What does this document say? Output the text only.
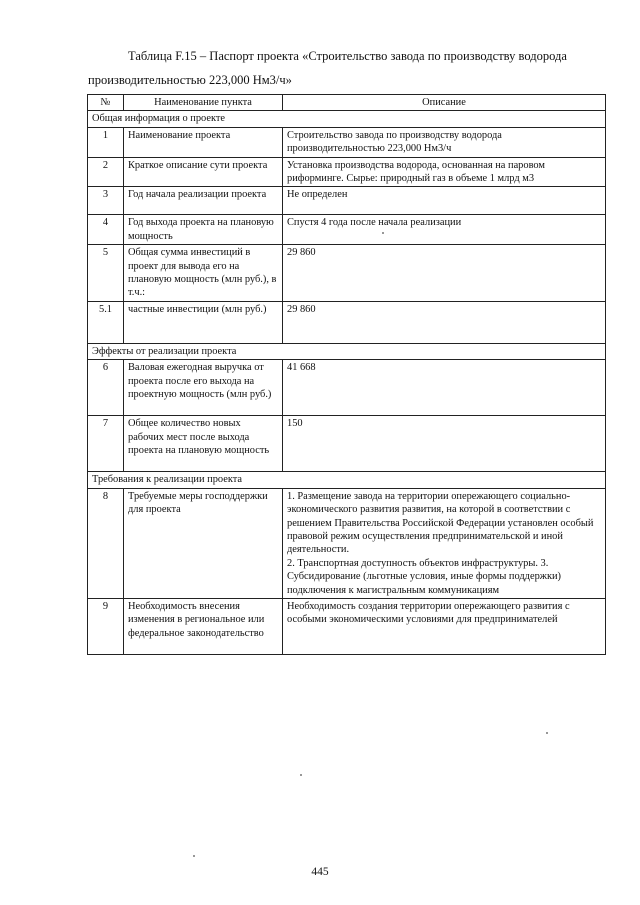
Таблица F.15 – Паспорт проекта «Строительство завода по производству водорода
производительностью 223,000 Нм3/ч»
№	Наименование пункта	Описание
Общая информация о проекте		
1	Наименование проекта	Строительство завода по производству водорода производительностью 223,000 Нм3/ч

2	Краткое описание сути проекта	Установка производства водорода, основанная на паровом риформинге. Сырье: природный газ в объеме 1 млрд м3

3	Год начала реализации проекта	Не определен

4	Год выхода проекта на плановую мощность	Спустя 4 года после начала реализации

5	Общая сумма инвестиций в проект для вывода его на плановую мощность (млн руб.), в т.ч.:	29 860

5.1	частные инвестиции (млн руб.)	29 860

Эффекты от реализации проекта		
6	Валовая ежегодная выручка от проекта после его выхода на проектную мощность (млн руб.)	41 668

7	Общее количество новых рабочих мест после выхода проекта на плановую мощность	150

Требования к реализации проекта		
8	Требуемые меры господдержки для проекта	1. Размещение завода на территории опережающего социально-экономического развития развития, на которой в соответствии с решением Правительства Российской Федерации установлен особый правовой режим осуществления предпринимательской и иной деятельности.

2. Транспортная доступность объектов инфраструктуры. 3. Субсидирование (льготные условия, иные формы поддержки) подключения к магистральным коммуникациям

9	Необходимость внесения изменения в региональное или федеральное законодательство	Необходимость создания территории опережающего развития с особыми экономическими условиями для предпринимателей

445
